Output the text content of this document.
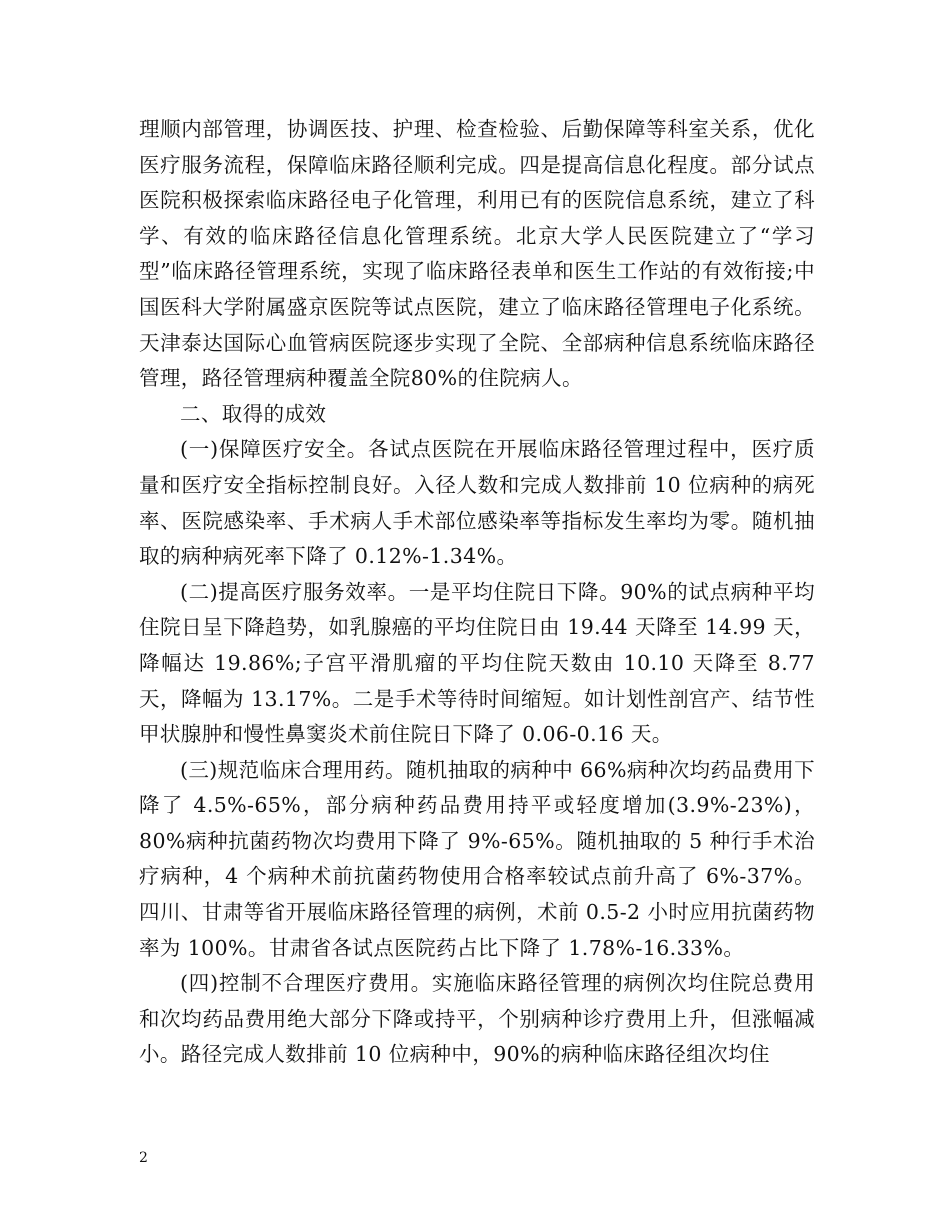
理顺内部管理，协调医技、护理、检查检验、后勤保障等科室关系，优化医疗服务流程，保障临床路径顺利完成。四是提高信息化程度。部分试点医院积极探索临床路径电子化管理，利用已有的医院信息系统，建立了科学、有效的临床路径信息化管理系统。北京大学人民医院建立了“学习型”临床路径管理系统，实现了临床路径表单和医生工作站的有效衔接;中国医科大学附属盛京医院等试点医院，建立了临床路径管理电子化系统。天津泰达国际心血管病医院逐步实现了全院、全部病种信息系统临床路径管理，路径管理病种覆盖全院80%的住院病人。

二、取得的成效

(一)保障医疗安全。各试点医院在开展临床路径管理过程中，医疗质量和医疗安全指标控制良好。入径人数和完成人数排前 10 位病种的病死率、医院感染率、手术病人手术部位感染率等指标发生率均为零。随机抽取的病种病死率下降了 0.12%-1.34%。

(二)提高医疗服务效率。一是平均住院日下降。90%的试点病种平均住院日呈下降趋势，如乳腺癌的平均住院日由 19.44 天降至 14.99 天，降幅达 19.86%;子宫平滑肌瘤的平均住院天数由 10.10 天降至 8.77 天，降幅为 13.17%。二是手术等待时间缩短。如计划性剖宫产、结节性甲状腺肿和慢性鼻窦炎术前住院日下降了 0.06-0.16 天。

(三)规范临床合理用药。随机抽取的病种中 66%病种次均药品费用下降了 4.5%-65%，部分病种药品费用持平或轻度增加(3.9%-23%)，80%病种抗菌药物次均费用下降了 9%-65%。随机抽取的 5 种行手术治疗病种，4 个病种术前抗菌药物使用合格率较试点前升高了 6%-37%。四川、甘肃等省开展临床路径管理的病例，术前 0.5-2 小时应用抗菌药物率为 100%。甘肃省各试点医院药占比下降了 1.78%-16.33%。

(四)控制不合理医疗费用。实施临床路径管理的病例次均住院总费用和次均药品费用绝大部分下降或持平，个别病种诊疗费用上升，但涨幅减小。路径完成人数排前 10 位病种中，90%的病种临床路径组次均住

2
